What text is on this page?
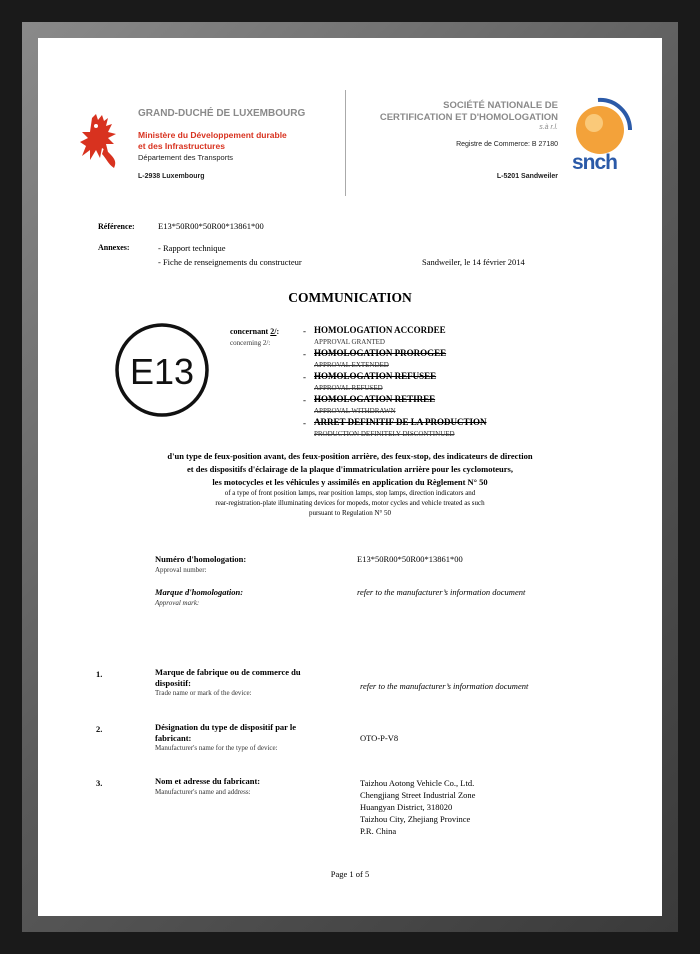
GRAND-DUCHÉ DE LUXEMBOURG
Ministère du Développement durable
et des Infrastructures
Département des Transports
L-2938 Luxembourg
SOCIÉTÉ NATIONALE DE
CERTIFICATION ET D'HOMOLOGATION
s.à r.l.
Registre de Commerce: B 27180
L-5201 Sandweiler
snch
Référence:	E13*50R00*50R00*13861*00
Annexes:	- Rapport technique
- Fiche de renseignements du constructeur	Sandweiler, le 14 février 2014
COMMUNICATION
E13
concernant 2/:
concerning 2/:
- HOMOLOGATION ACCORDEE
APPROVAL GRANTED
- HOMOLOGATION PROROGEE
APPROVAL EXTENDED
- HOMOLOGATION REFUSEE
APPROVAL REFUSED
- HOMOLOGATION RETIREE
APPROVAL WITHDRAWN
- ARRET DEFINITIF DE LA PRODUCTION
PRODUCTION DEFINITELY DISCONTINUED
d'un type de feux-position avant, des feux-position arrière, des feux-stop, des indicateurs de direction
et des dispositifs d'éclairage de la plaque d'immatriculation arrière pour les cyclomoteurs,
les motocycles et les véhicules y assimilés en application du Règlement N° 50
of a type of front position lamps, rear position lamps, stop lamps, direction indicators and
rear-registration-plate illuminating devices for mopeds, motor cycles and vehicle treated as such
pursuant to Regulation N° 50
Numéro d'homologation:
Approval number:
E13*50R00*50R00*13861*00
Marque d'homologation:
Approval mark:
refer to the manufacturer’s information document
1.	Marque de fabrique ou de commerce du
dispositif:
Trade name or mark of the device:
refer to the manufacturer’s information document
2.	Désignation du type de dispositif par le
fabricant:
Manufacturer's name for the type of device:
OTO-P-V8
3.	Nom et adresse du fabricant:
Manufacturer's name and address:
Taizhou Aotong Vehicle Co., Ltd.
Chengjiang Street Industrial Zone
Huangyan District, 318020
Taizhou City, Zhejiang Province
P.R. China
Page 1 of 5
